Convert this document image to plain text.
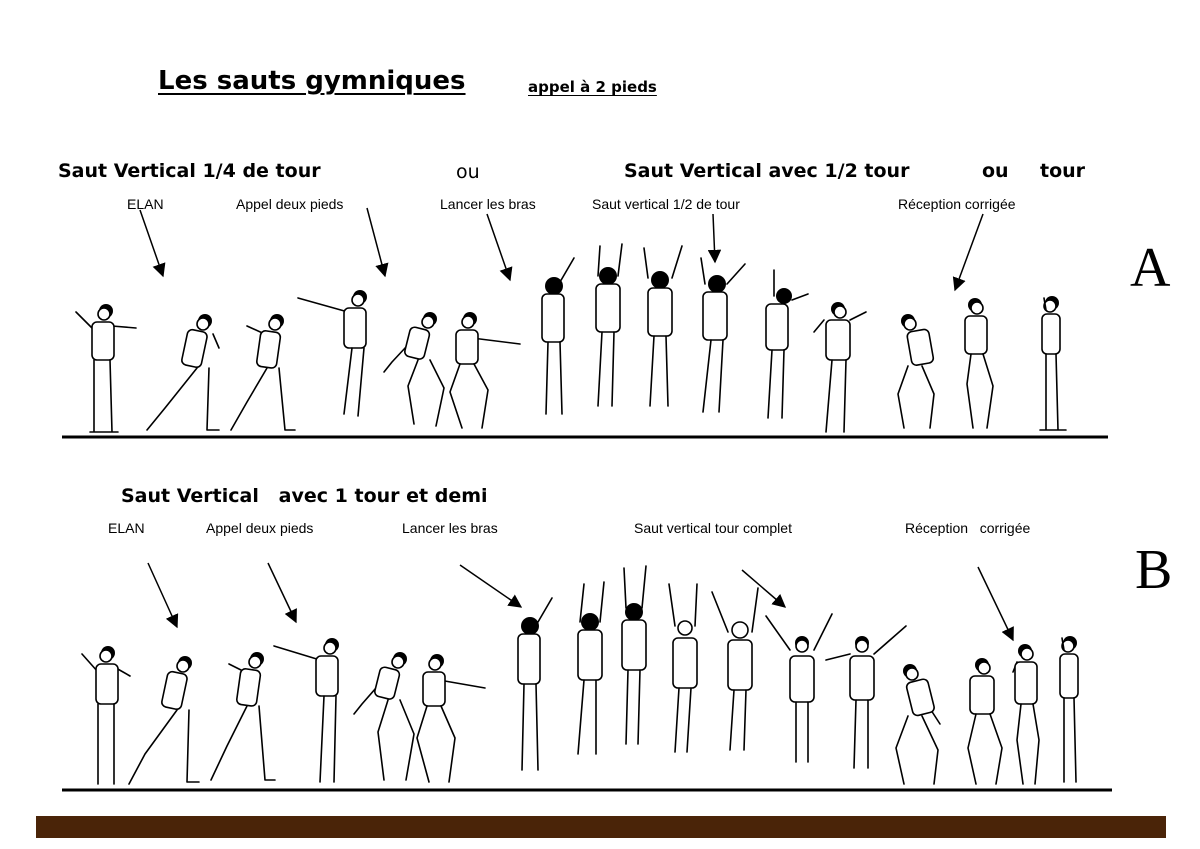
Les sauts gymniques	appel à 2 pieds
Saut Vertical 1/4 de tour	ou	Saut Vertical avec 1/2 tour	ou tour
ELAN	Appel deux pieds	Lancer les bras	Saut vertical 1/2 de tour	Réception corrigée
A
Saut Vertical   avec 1 tour et demi
ELAN	Appel deux pieds	Lancer les bras	Saut vertical tour complet	Réception   corrigée
B
